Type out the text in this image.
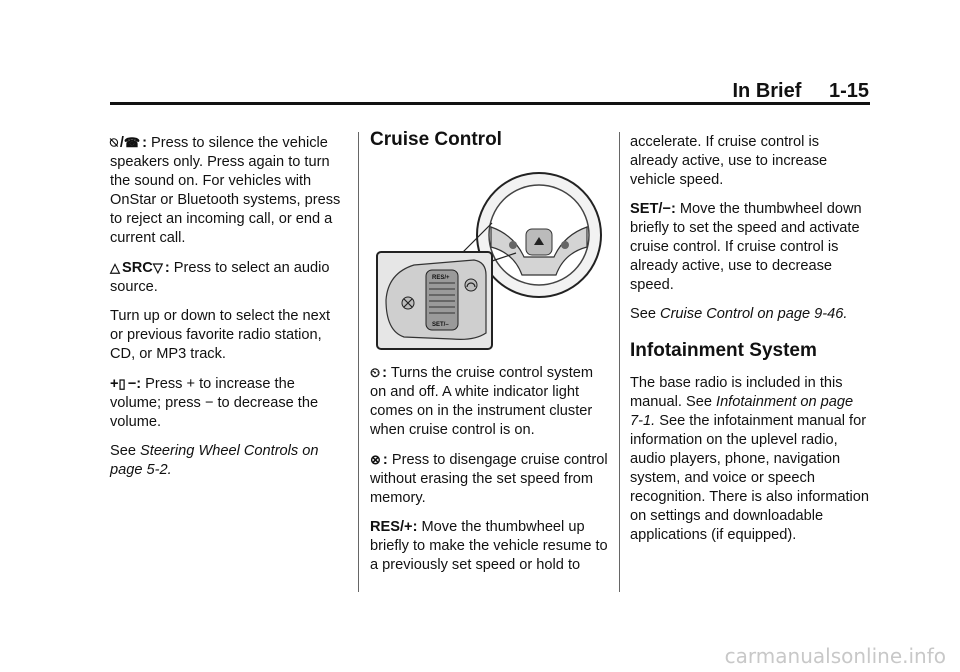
In Brief 1-15

⍉ /☎ : Press to silence the vehicle speakers only. Press again to turn the sound on. For vehicles with OnStar or Bluetooth systems, press to reject an incoming call, or end a current call.

△ SRC▽ : Press to select an audio source.

Turn up or down to select the next or previous favorite radio station, CD, or MP3 track.

+▯ −: Press + to increase the volume; press − to decrease the volume.

See Steering Wheel Controls on page 5-2.

Cruise Control
RES/+
SET/–

⏲ : Turns the cruise control system on and off. A white indicator light comes on in the instrument cluster when cruise control is on.

⊗ : Press to disengage cruise control without erasing the set speed from memory.

RES/+: Move the thumbwheel up briefly to make the vehicle resume to a previously set speed or hold to

accelerate. If cruise control is already active, use to increase vehicle speed.

SET/−: Move the thumbwheel down briefly to set the speed and activate cruise control. If cruise control is already active, use to decrease speed.

See Cruise Control on page 9-46.

Infotainment System

The base radio is included in this manual. See Infotainment on page 7-1. See the infotainment manual for information on the uplevel radio, audio players, phone, navigation system, and voice or speech recognition. There is also information on settings and downloadable applications (if equipped).

carmanualsonline.info
